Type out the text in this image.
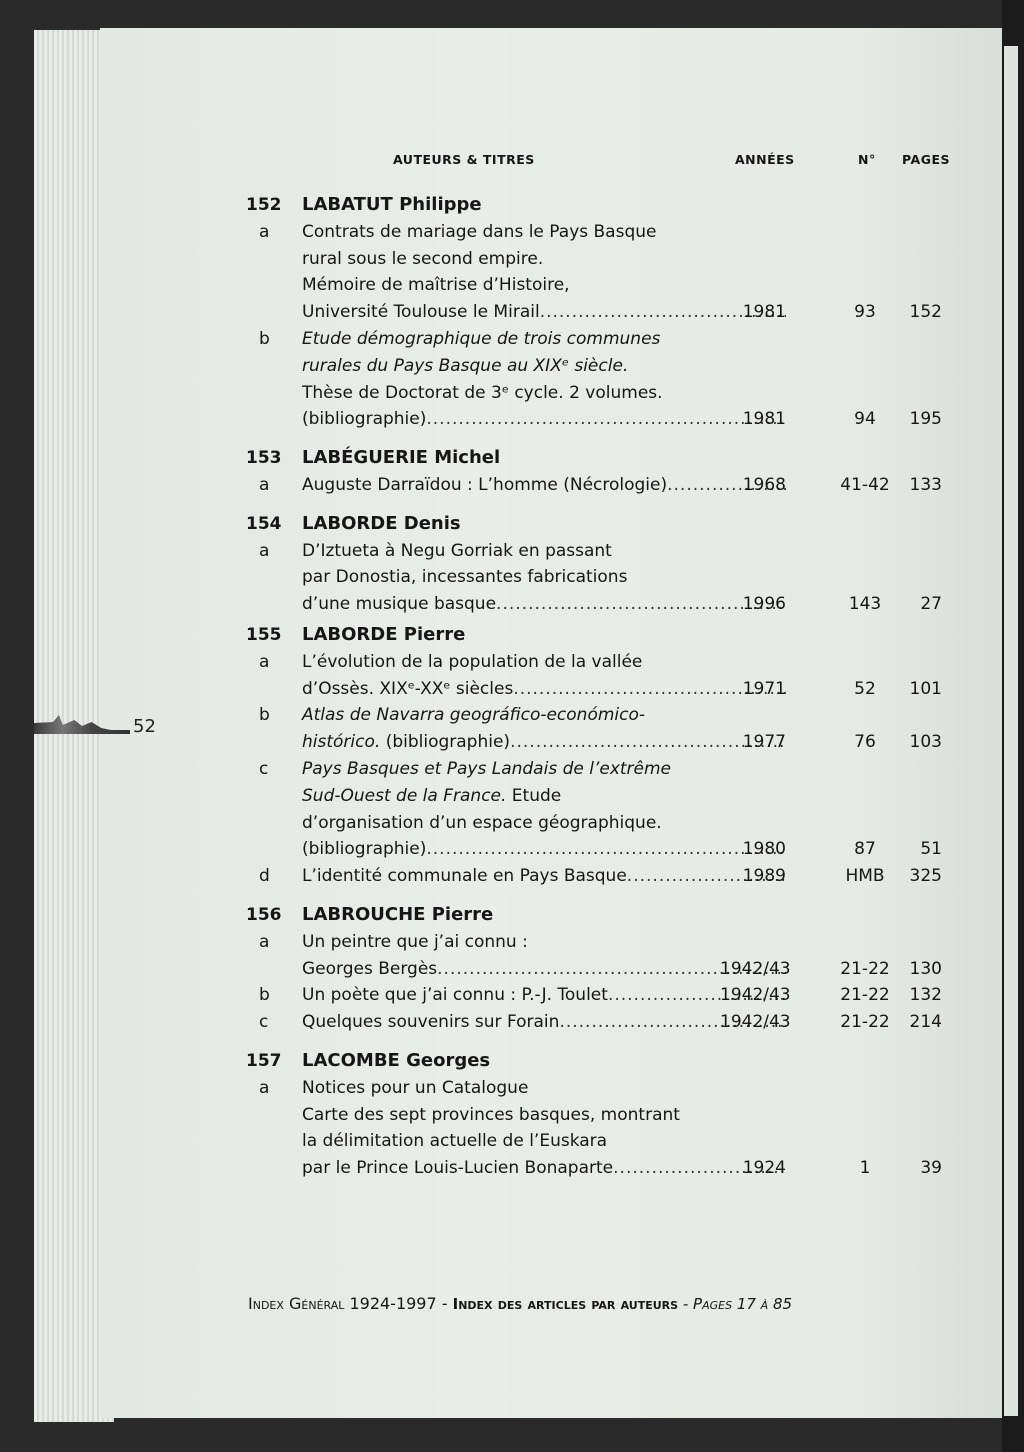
52
AUTEURS & TITRES	ANNÉES	N° PAGES
152 LABATUT Philippe
a	Contrats de mariage dans le Pays Basque
rural sous le second empire.
Mémoire de maîtrise d’Histoire,
Université Toulouse le Mirail .....	1981	93	152
b	Etude démographique de trois communes
rurales du Pays Basque au XIXᵉ siècle.
Thèse de Doctorat de 3ᵉ cycle. 2 volumes.
(bibliographie) .....	1981	94	195
153 LABÉGUERIE Michel
a	Auguste Darraïdou : L’homme (Nécrologie) .....	1968	41-42 133
154 LABORDE Denis
a	D’Iztueta à Negu Gorriak en passant
par Donostia, incessantes fabrications
d’une musique basque .....	1996	143	27
155 LABORDE Pierre
a	L’évolution de la population de la vallée
d’Ossès. XIXᵉ-XXᵉ siècles .....	1971	52	101
b	Atlas de Navarra geográfico-económico-
histórico. (bibliographie) .....	1977	76	103
c	Pays Basques et Pays Landais de l’extrême
Sud-Ouest de la France. Etude
d’organisation d’un espace géographique.
(bibliographie) .....	1980	87	51
d	L’identité communale en Pays Basque .....	1989	HMB	325
156 LABROUCHE Pierre
a	Un peintre que j’ai connu :
Georges Bergès .....	1942/43	21-22 130
b	Un poète que j’ai connu : P.-J. Toulet .....	1942/43	21-22 132
c	Quelques souvenirs sur Forain .....	1942/43	21-22 214
157 LACOMBE Georges
a	Notices pour un Catalogue
Carte des sept provinces basques, montrant
la délimitation actuelle de l’Euskara
par le Prince Louis-Lucien Bonaparte .....	1924	1	39
Index Général 1924-1997 - Index des articles par auteurs - Pages 17 à 85
